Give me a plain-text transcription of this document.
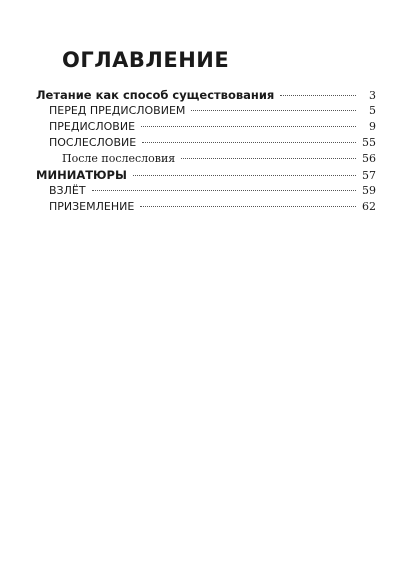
ОГЛАВЛЕНИЕ
Летание как способ существования	3
ПЕРЕД ПРЕДИСЛОВИЕМ	5
ПРЕДИСЛОВИЕ	9
ПОСЛЕСЛОВИЕ	55
После послесловия	56
МИНИАТЮРЫ	57
ВЗЛЁТ	59
ПРИЗЕМЛЕНИЕ	62
